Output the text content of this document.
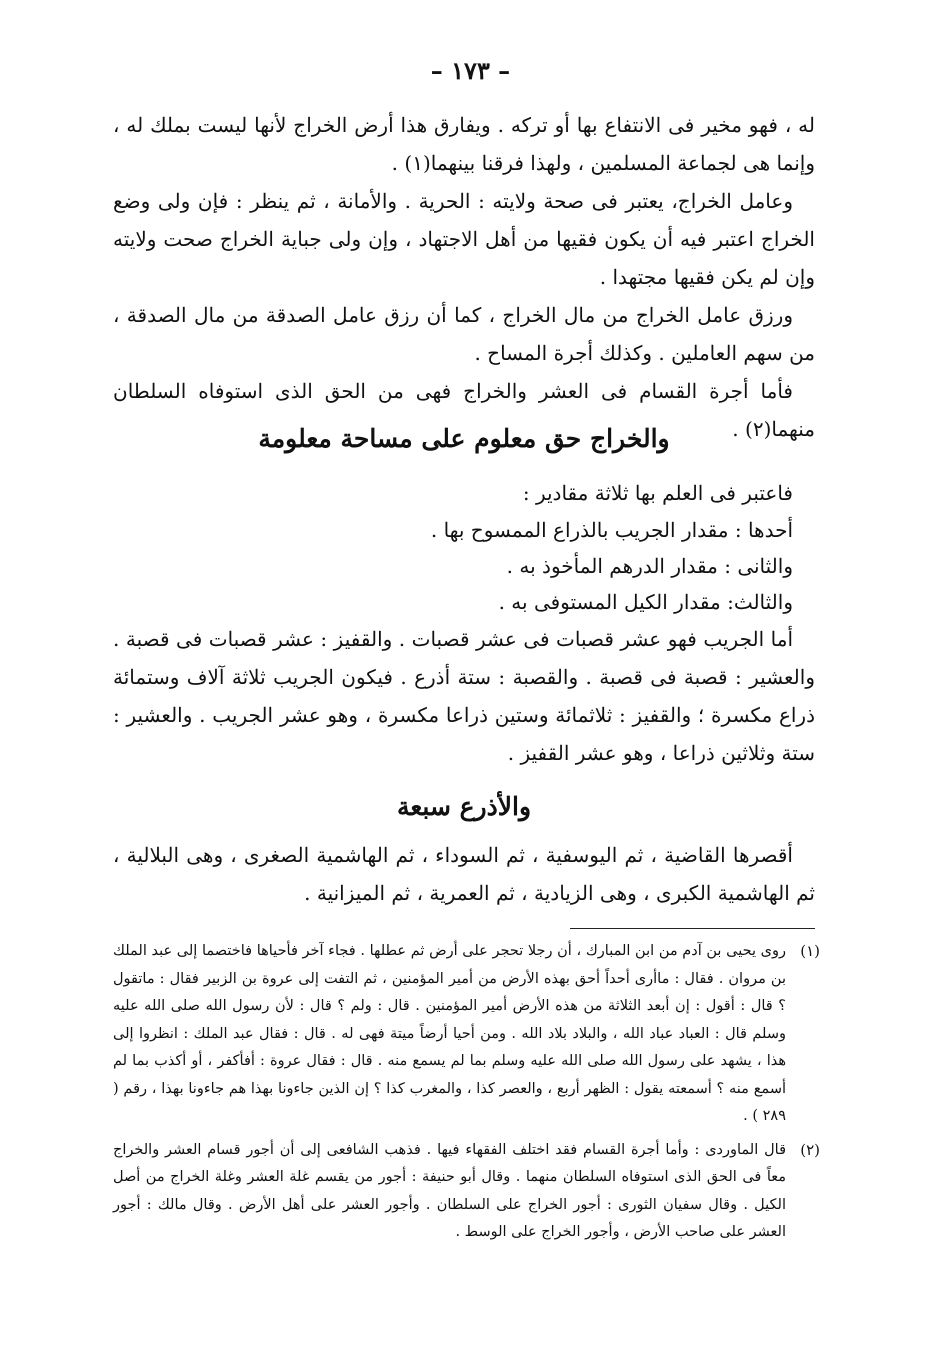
– ١٧٣ –

له ، فهو مخير فى الانتفاع بها أو تركه . ويفارق هذا أرض الخراج لأنها ليست بملك له ، وإنما هى لجماعة المسلمين ، ولهذا فرقنا بينهما(١) .

وعامل الخراج، يعتبر فى صحة ولايته : الحرية . والأمانة ، ثم ينظر : فإن ولى وضع الخراج اعتبر فيه أن يكون فقيها من أهل الاجتهاد ، وإن ولى جباية الخراج صحت ولايته وإن لم يكن فقيها مجتهدا .

ورزق عامل الخراج من مال الخراج ، كما أن رزق عامل الصدقة من مال الصدقة ، من سهم العاملين . وكذلك أجرة المساح .

فأما أجرة القسام فى العشر والخراج فهى من الحق الذى استوفاه السلطان منهما(٢) .

والخراج حق معلوم على مساحة معلومة

فاعتبر فى العلم بها ثلاثة مقادير :

أحدها : مقدار الجريب بالذراع الممسوح بها .

والثانى : مقدار الدرهم المأخوذ به .

والثالث: مقدار الكيل المستوفى به .

أما الجريب فهو عشر قصبات فى عشر قصبات . والقفيز : عشر قصبات فى قصبة . والعشير : قصبة فى قصبة . والقصبة : ستة أذرع . فيكون الجريب ثلاثة آلاف وستمائة ذراع مكسرة ؛ والقفيز : ثلاثمائة وستين ذراعا مكسرة ، وهو عشر الجريب . والعشير : ستة وثلاثين ذراعا ، وهو عشر القفيز .

والأذرع سبعة

أقصرها القاضية ، ثم اليوسفية ، ثم السوداء ، ثم الهاشمية الصغرى ، وهى البلالية ، ثم الهاشمية الكبرى ، وهى الزيادية ، ثم العمرية ، ثم الميزانية .

(١)
روى يحيى بن آدم من ابن المبارك ، أن رجلا تحجر على أرض ثم عطلها . فجاء آخر فأحياها فاختصما إلى عبد الملك بن مروان . فقال : ماأرى أحداً أحق بهذه الأرض من أمير المؤمنين ، ثم التفت إلى عروة بن الزبير فقال : ماتقول ؟ قال : أقول : إن أبعد الثلاثة من هذه الأرض أمير المؤمنين . قال : ولم ؟ قال : لأن رسول الله صلى الله عليه وسلم قال : العباد عباد الله ، والبلاد بلاد الله . ومن أحيا أرضاً ميتة فهى له . قال : فقال عبد الملك : انظروا إلى هذا ، يشهد على رسول الله صلى الله عليه وسلم بما لم يسمع منه . قال : فقال عروة : أفأكفر ، أو أكذب بما لم أسمع منه ؟ أسمعته يقول : الظهر أربع ، والعصر كذا ، والمغرب كذا ؟ إن الذين جاءونا بهذا هم جاءونا بهذا ، رقم ( ٢٨٩ ) .
(٢)
قال الماوردى : وأما أجرة القسام فقد اختلف الفقهاء فيها . فذهب الشافعى إلى أن أجور قسام العشر والخراج معاً فى الحق الذى استوفاه السلطان منهما . وقال أبو حنيفة : أجور من يقسم غلة العشر وغلة الخراج من أصل الكيل . وقال سفيان الثورى : أجور الخراج على السلطان . وأجور العشر على أهل الأرض . وقال مالك : أجور العشر على صاحب الأرض ، وأجور الخراج على الوسط .
